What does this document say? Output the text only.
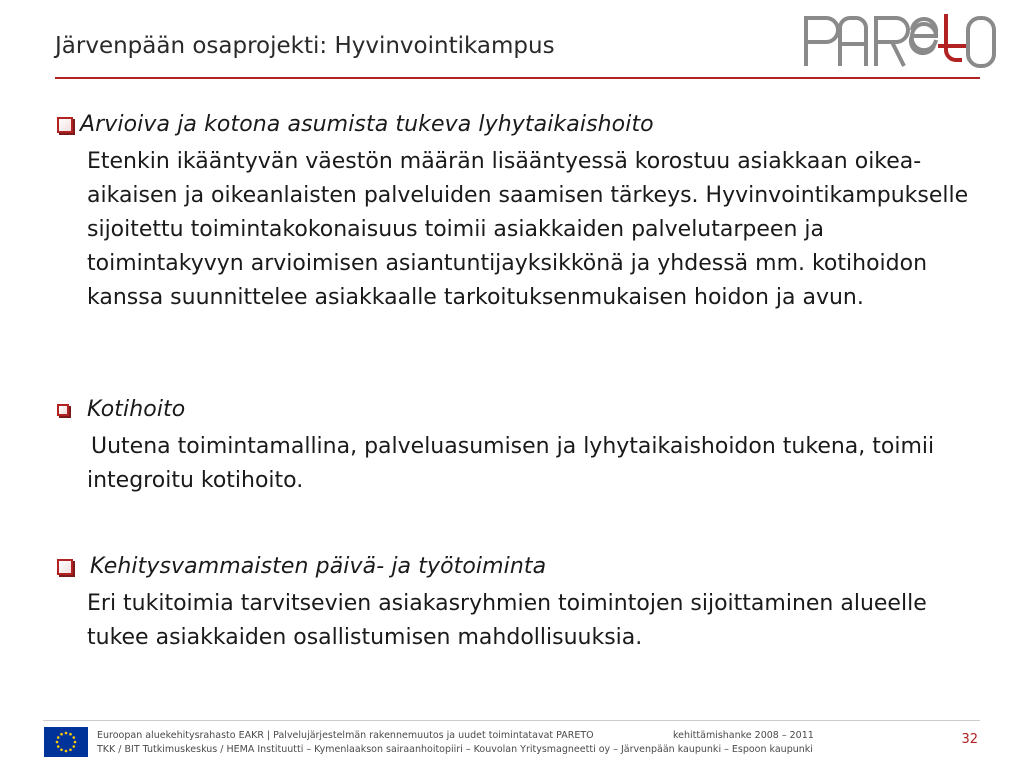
Järvenpään osaprojekti: Hyvinvointikampus
Arvioiva ja kotona asumista tukeva lyhytaikaishoito
Etenkin ikääntyvän väestön määrän lisääntyessä korostuu asiakkaan oikea-aikaisen ja oikeanlaisten palveluiden saamisen tärkeys. Hyvinvointikampukselle sijoitettu toimintakokonaisuus toimii asiakkaiden palvelutarpeen ja toimintakyvyn arvioimisen asiantuntijayksikkönä ja yhdessä mm. kotihoidon kanssa suunnittelee asiakkaalle tarkoituksenmukaisen hoidon ja avun.
Kotihoito
Uutena toimintamallina, palveluasumisen ja lyhytaikaishoidon tukena, toimii integroitu kotihoito.
Kehitysvammaisten päivä- ja työtoiminta
Eri tukitoimia tarvitsevien asiakasryhmien toimintojen sijoittaminen alueelle tukee asiakkaiden osallistumisen mahdollisuuksia.
Euroopan aluekehitysrahasto EAKR | Palvelujärjestelmän rakennemuutos ja uudet toimintatavat PARETO	kehittämishanke 2008 – 2011
TKK / BIT Tutkimuskeskus / HEMA Instituutti – Kymenlaakson sairaanhoitopiiri – Kouvolan Yritysmagneetti oy – Järvenpään kaupunki – Espoon kaupunki
32
